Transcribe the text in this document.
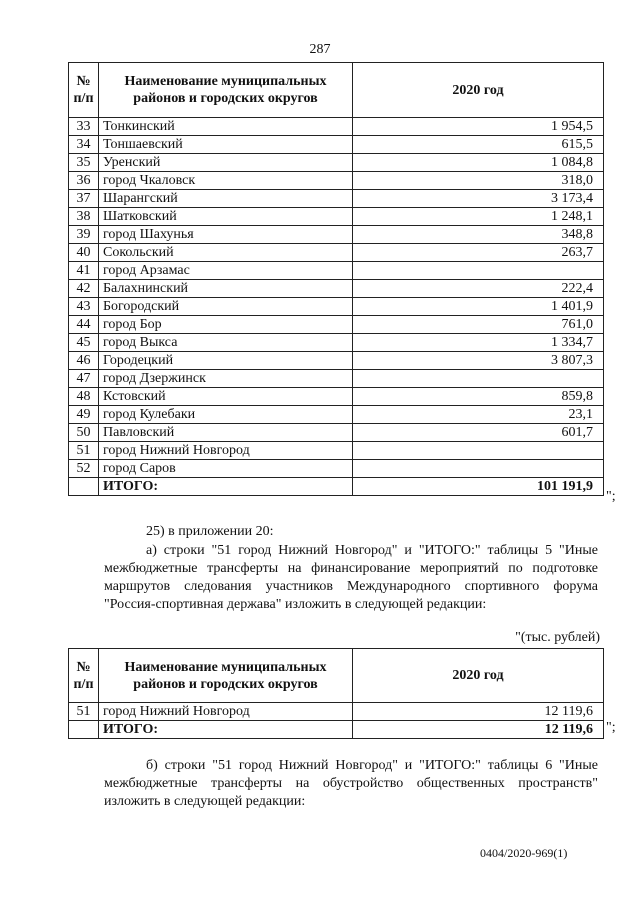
287
№ п/п	Наименование муниципальных районов и городских округов	2020 год
33	Тонкинский	1 954,5
34	Тоншаевский	615,5
35	Уренский	1 084,8
36	город Чкаловск	318,0
37	Шарангский	3 173,4
38	Шатковский	1 248,1
39	город Шахунья	348,8
40	Сокольский	263,7
41	город Арзамас	
42	Балахнинский	222,4
43	Богородский	1 401,9
44	город Бор	761,0
45	город Выкса	1 334,7
46	Городецкий	3 807,3
47	город Дзержинск	
48	Кстовский	859,8
49	город Кулебаки	23,1
50	Павловский	601,7
51	город Нижний Новгород	
52	город Саров	
	ИТОГО:	101 191,9
";
25) в приложении 20:
а) строки "51 город Нижний Новгород" и "ИТОГО:" таблицы 5 "Иные межбюджетные трансферты на финансирование мероприятий по подготовке маршрутов следования участников Международного спортивного форума "Россия-спортивная держава" изложить в следующей редакции:
"(тыс. рублей)
№ п/п	Наименование муниципальных районов и городских округов	2020 год
51	город Нижний Новгород	12 119,6
	ИТОГО:	12 119,6 ";
б) строки "51 город Нижний Новгород" и "ИТОГО:" таблицы 6 "Иные межбюджетные трансферты на обустройство общественных пространств" изложить в следующей редакции:
0404/2020-969(1)
